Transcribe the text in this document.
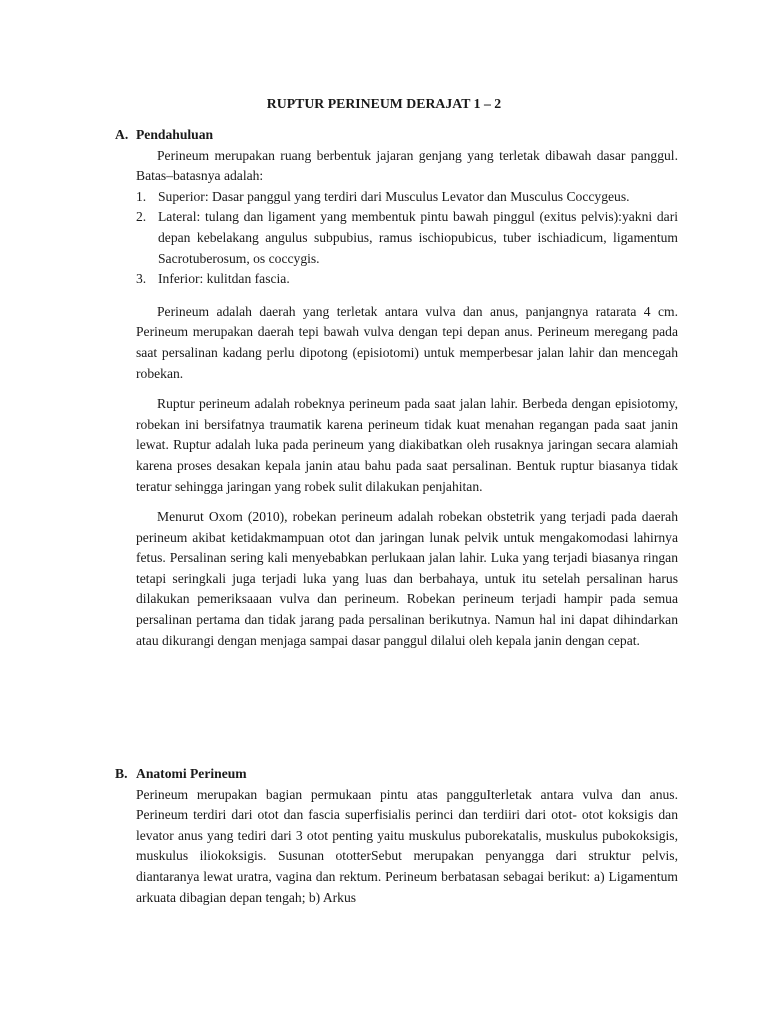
RUPTUR PERINEUM DERAJAT 1 – 2
A. Pendahuluan

Perineum merupakan ruang berbentuk jajaran genjang yang terletak dibawah dasar panggul. Batas–batasnya adalah:

1. Superior: Dasar panggul yang terdiri dari Musculus Levator dan Musculus Coccygeus.
2. Lateral: tulang dan ligament yang membentuk pintu bawah pinggul (exitus pelvis):yakni dari depan kebelakang angulus subpubius, ramus ischiopubicus, tuber ischiadicum, ligamentum Sacrotuberosum, os coccygis.
3. Inferior: kulitdan fascia.

Perineum adalah daerah yang terletak antara vulva dan anus, panjangnya ratarata 4 cm. Perineum merupakan daerah tepi bawah vulva dengan tepi depan anus. Perineum meregang pada saat persalinan kadang perlu dipotong (episiotomi) untuk memperbesar jalan lahir dan mencegah robekan.

Ruptur perineum adalah robeknya perineum pada saat jalan lahir. Berbeda dengan episiotomy, robekan ini bersifatnya traumatik karena perineum tidak kuat menahan regangan pada saat janin lewat. Ruptur adalah luka pada perineum yang diakibatkan oleh rusaknya jaringan secara alamiah karena proses desakan kepala janin atau bahu pada saat persalinan. Bentuk ruptur biasanya tidak teratur sehingga jaringan yang robek sulit dilakukan penjahitan.

Menurut Oxom (2010), robekan perineum adalah robekan obstetrik yang terjadi pada daerah perineum akibat ketidakmampuan otot dan jaringan lunak pelvik untuk mengakomodasi lahirnya fetus. Persalinan sering kali menyebabkan perlukaan jalan lahir. Luka yang terjadi biasanya ringan tetapi seringkali juga terjadi luka yang luas dan berbahaya, untuk itu setelah persalinan harus dilakukan pemeriksaaan vulva dan perineum. Robekan perineum terjadi hampir pada semua persalinan pertama dan tidak jarang pada persalinan berikutnya. Namun hal ini dapat dihindarkan atau dikurangi dengan menjaga sampai dasar panggul dilalui oleh kepala janin dengan cepat.

B. Anatomi Perineum

Perineum merupakan bagian permukaan pintu atas pangguIterletak antara vulva dan anus. Perineum terdiri dari otot dan fascia superfisialis perinci dan terdiiri dari otot- otot koksigis dan levator anus yang tediri dari 3 otot penting yaitu muskulus puborekatalis, muskulus pubokoksigis, muskulus iliokoksigis. Susunan ototterSebut merupakan penyangga dari struktur pelvis, diantaranya lewat uratra, vagina dan rektum. Perineum berbatasan sebagai berikut: a) Ligamentum arkuata dibagian depan tengah; b) Arkus
